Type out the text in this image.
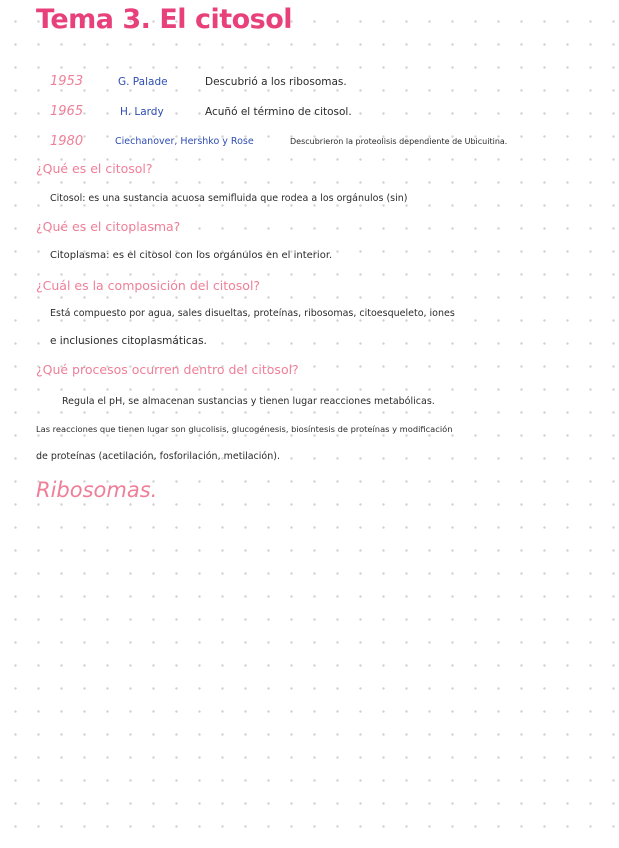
Tema 3. El citosol
1953	G. Palade	Descubrió a los ribosomas.
1965	H. Lardy	Acuñó el término de citosol.
1980	Ciechanover, Hershko y Rose	Descubrieron la proteolisis dependiente de Ubicuitina.
¿Qué es el citosol?
Citosol: es una sustancia acuosa semifluida que rodea a los orgánulos (sin)
¿Qué es el citoplasma?
Citoplasma: es el citosol con los orgánulos en el interior.
¿Cuál es la composición del citosol?
Está compuesto por agua, sales disueltas, proteínas, ribosomas, citoesqueleto, iones
e inclusiones citoplasmáticas.
¿Qué procesos ocurren dentro del citosol?
Regula el pH, se almacenan sustancias y tienen lugar reacciones metabólicas.
Las reacciones que tienen lugar son glucolisis, glucogénesis, biosíntesis de proteínas y modificación
de proteínas (acetilación, fosforilación, metilación).
Ribosomas.
